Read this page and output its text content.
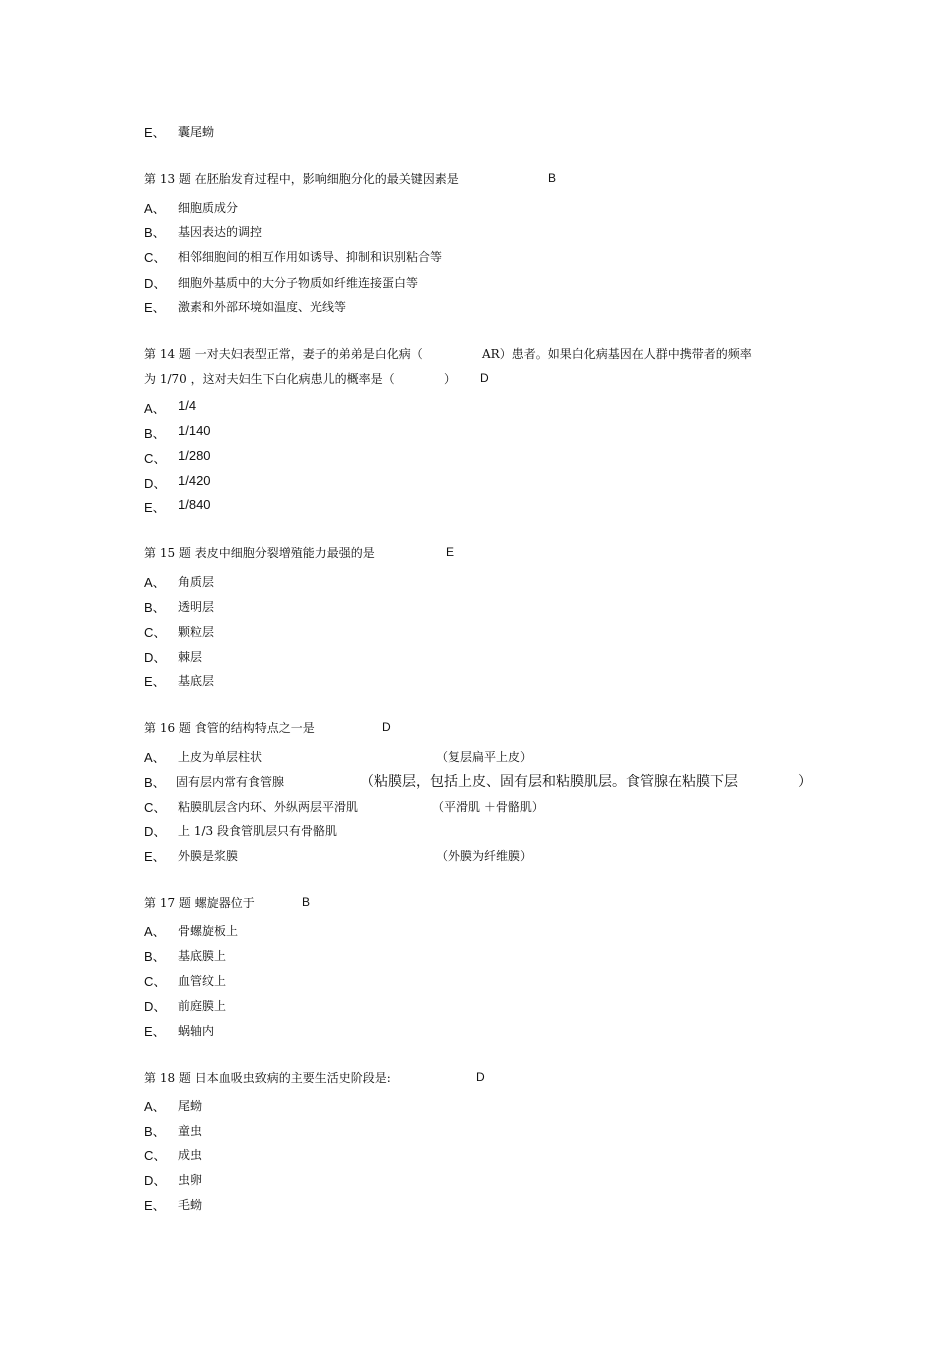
E、 囊尾蚴
第 13 题 在胚胎发育过程中，影响细胞分化的最关键因素是	B
A、 细胞质成分
B、 基因表达的调控
C、 相邻细胞间的相互作用如诱导、抑制和识别粘合等
D、 细胞外基质中的大分子物质如纤维连接蛋白等
E、 激素和外部环境如温度、光线等
第 14 题 一对夫妇表型正常，妻子的弟弟是白化病（	AR）患者。如果白化病基因在人群中携带者的频率
为 1/70 ，这对夫妇生下白化病患儿的概率是（	） D
A、 1/4
B、 1/140
C、 1/280
D、 1/420
E、 1/840
第 15 题 表皮中细胞分裂增殖能力最强的是	E
A、 角质层
B、 透明层
C、 颗粒层
D、 棘层
E、 基底层
第 16 题 食管的结构特点之一是	D
A、 上皮为单层柱状	（复层扁平上皮）
B、 固有层内常有食管腺	（粘膜层，包括上皮、固有层和粘膜肌层。食管腺在粘膜下层	）
C、 粘膜肌层含内环、外纵两层平滑肌	（平滑肌 ＋骨骼肌）
D、 上 1/3 段食管肌层只有骨骼肌
E、 外膜是浆膜	（外膜为纤维膜）
第 17 题 螺旋器位于	B
A、 骨螺旋板上
B、 基底膜上
C、 血管纹上
D、 前庭膜上
E、 蜗轴内
第 18 题 日本血吸虫致病的主要生活史阶段是:	D
A、 尾蚴
B、 童虫
C、 成虫
D、 虫卵
E、 毛蚴
